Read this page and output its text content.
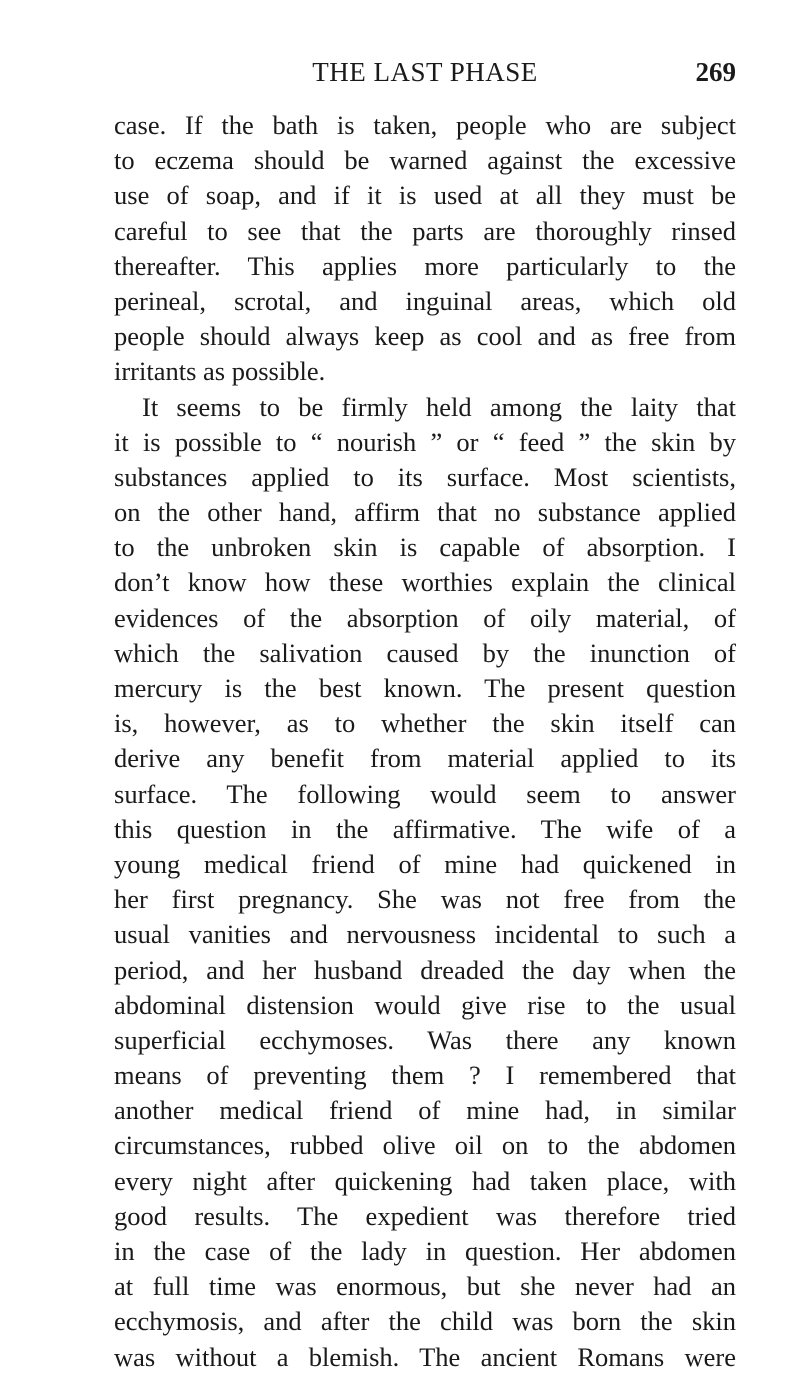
THE LAST PHASE	269
case. If the bath is taken, people who are subject
to eczema should be warned against the excessive
use of soap, and if it is used at all they must be
careful to see that the parts are thoroughly rinsed
thereafter. This applies more particularly to the
perineal, scrotal, and inguinal areas, which old
people should always keep as cool and as free from
irritants as possible.
It seems to be firmly held among the laity that
it is possible to “ nourish ” or “ feed ” the skin by
substances applied to its surface. Most scientists,
on the other hand, affirm that no substance applied
to the unbroken skin is capable of absorption. I
don’t know how these worthies explain the clinical
evidences of the absorption of oily material, of
which the salivation caused by the inunction of
mercury is the best known. The present question
is, however, as to whether the skin itself can
derive any benefit from material applied to its
surface. The following would seem to answer
this question in the affirmative. The wife of a
young medical friend of mine had quickened in
her first pregnancy. She was not free from the
usual vanities and nervousness incidental to such a
period, and her husband dreaded the day when the
abdominal distension would give rise to the usual
superficial ecchymoses. Was there any known
means of preventing them ? I remembered that
another medical friend of mine had, in similar
circumstances, rubbed olive oil on to the abdomen
every night after quickening had taken place, with
good results. The expedient was therefore tried
in the case of the lady in question. Her abdomen
at full time was enormous, but she never had an
ecchymosis, and after the child was born the skin
was without a blemish. The ancient Romans were
